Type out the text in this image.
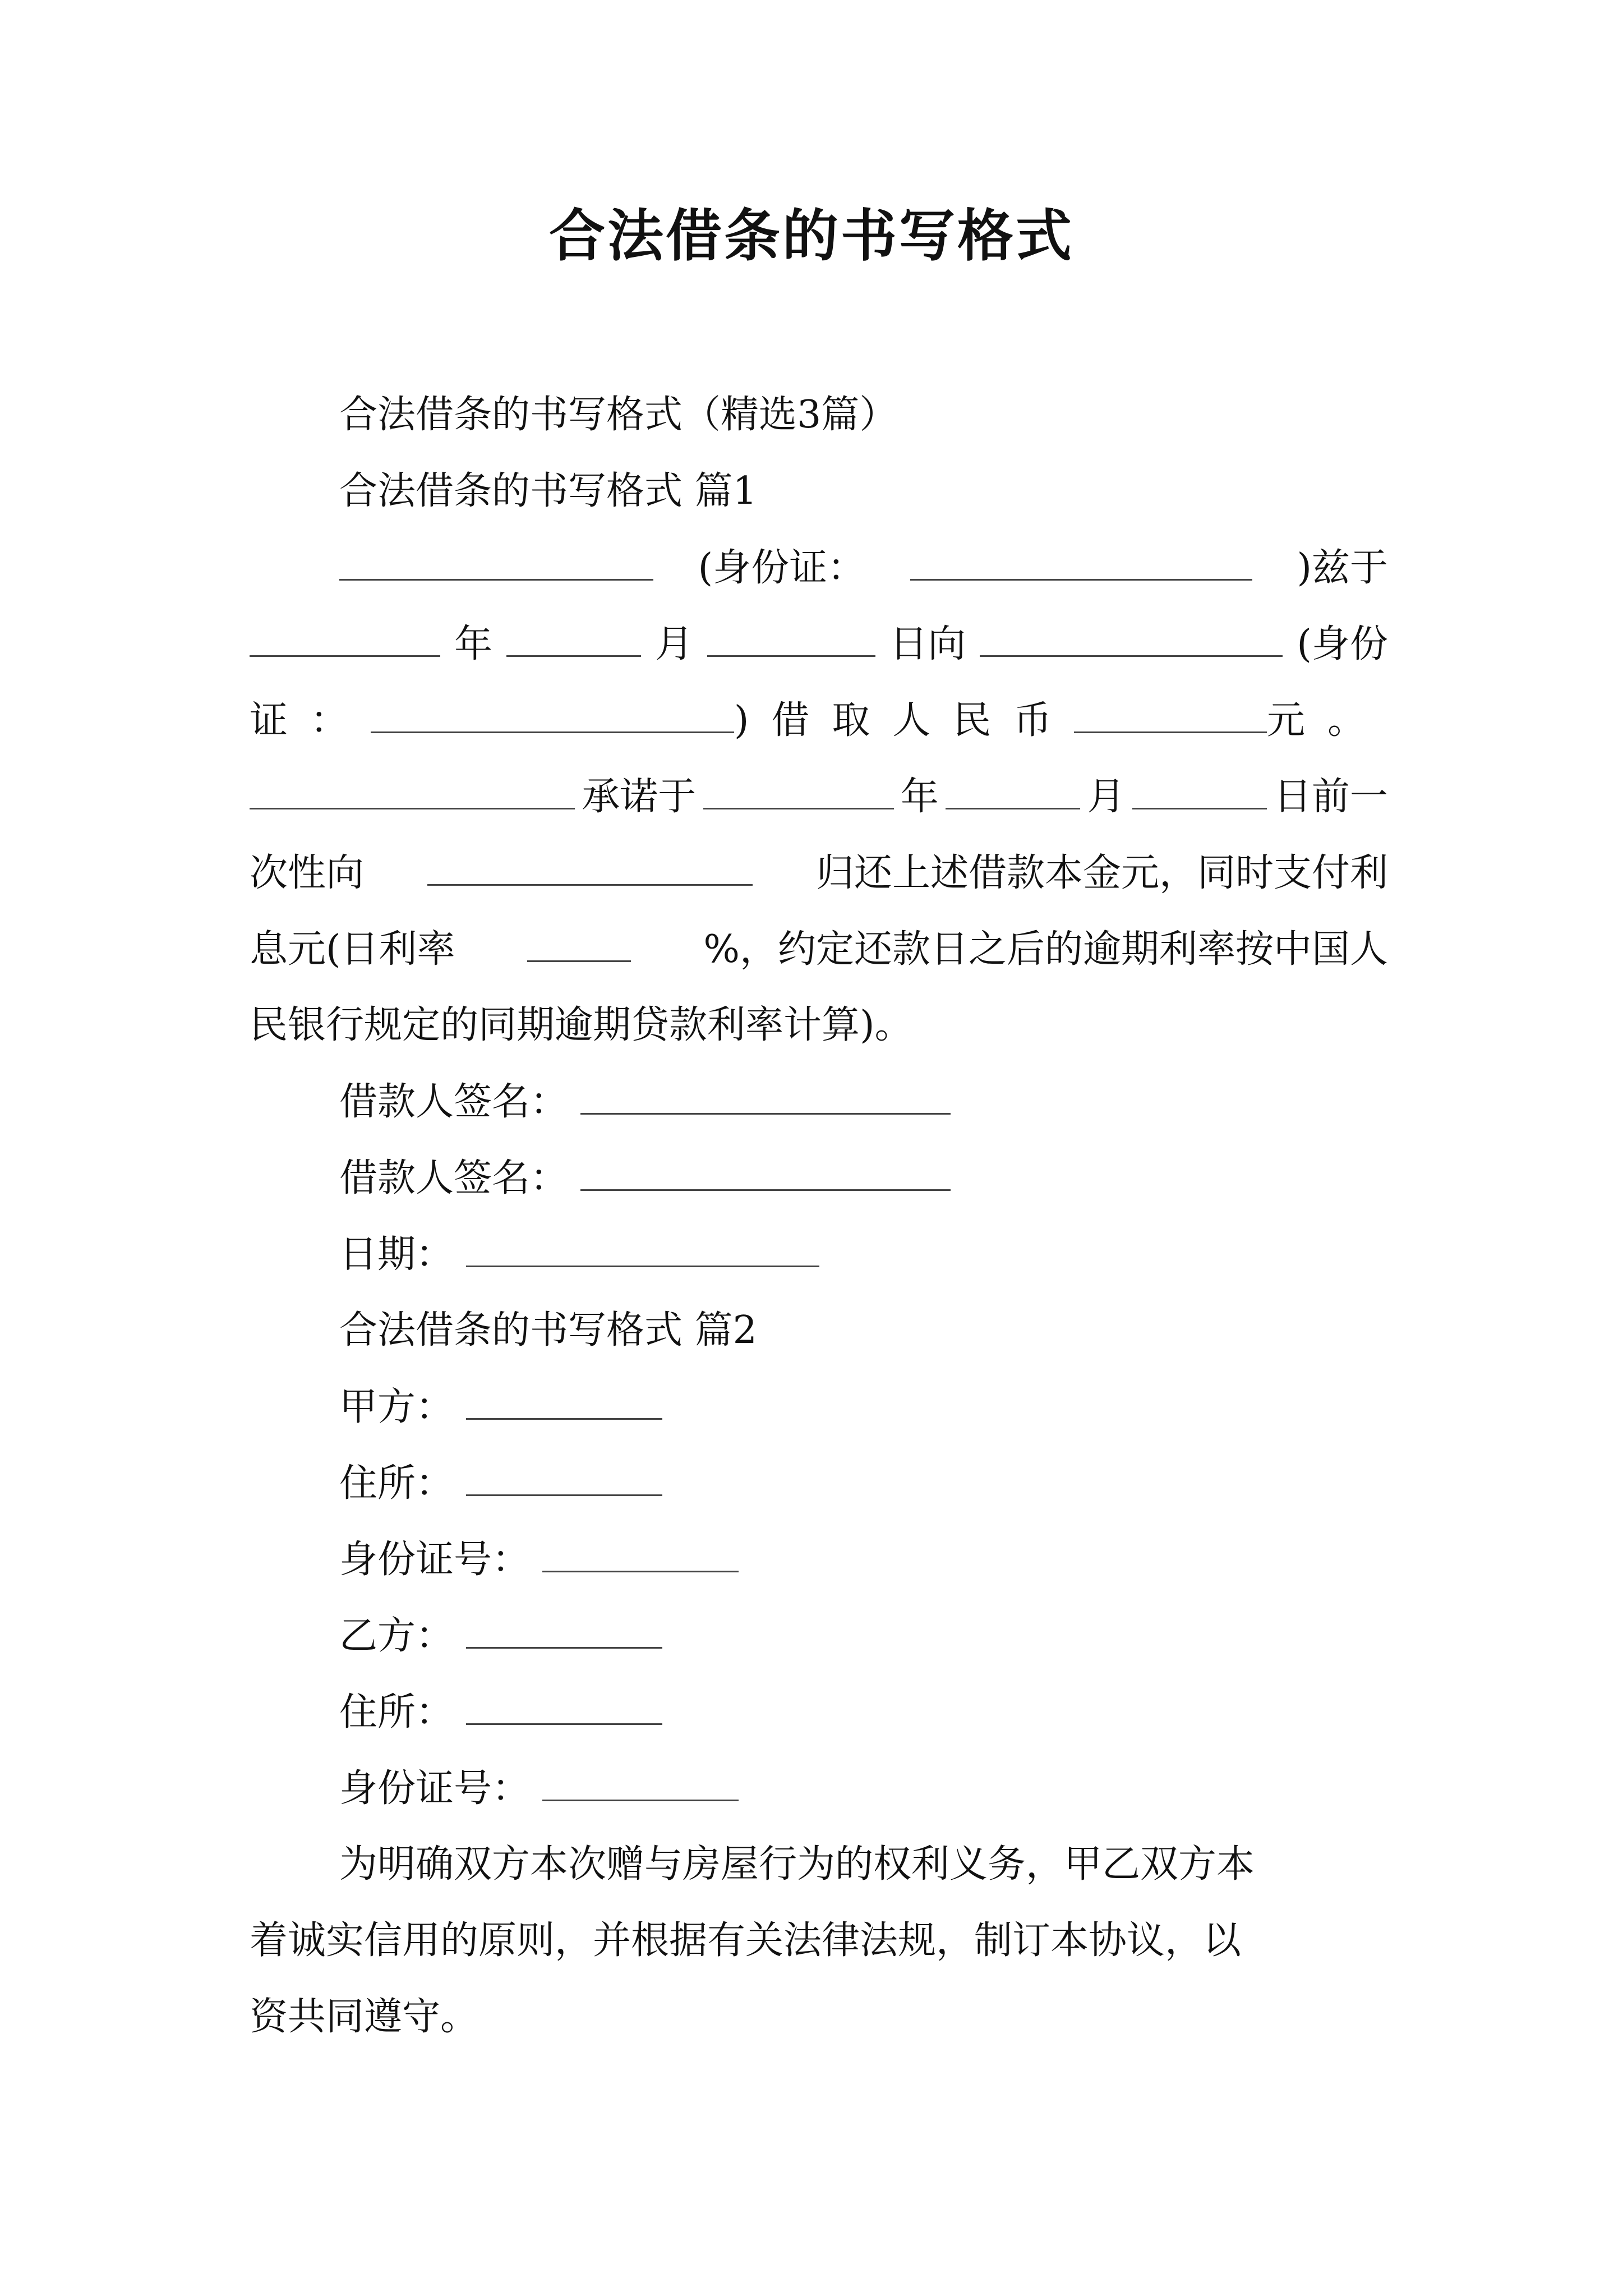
合法借条的书写格式
合法借条的书写格式（精选3篇）
合法借条的书写格式 篇1
(身份证：	)兹于
年	月	日向	(身份
证：	)借取人民币	元。
承诺于	年	月	日前一
次性向	归还上述借款本金元，同时支付利
息元(日利率	%，约定还款日之后的逾期利率按中国人
民银行规定的同期逾期贷款利率计算)。
借款人签名：
借款人签名：
日期：
合法借条的书写格式 篇2
甲方：
住所：
身份证号：
乙方：
住所：
身份证号：
为明确双方本次赠与房屋行为的权利义务，甲乙双方本
着诚实信用的原则，并根据有关法律法规，制订本协议，以
资共同遵守。
